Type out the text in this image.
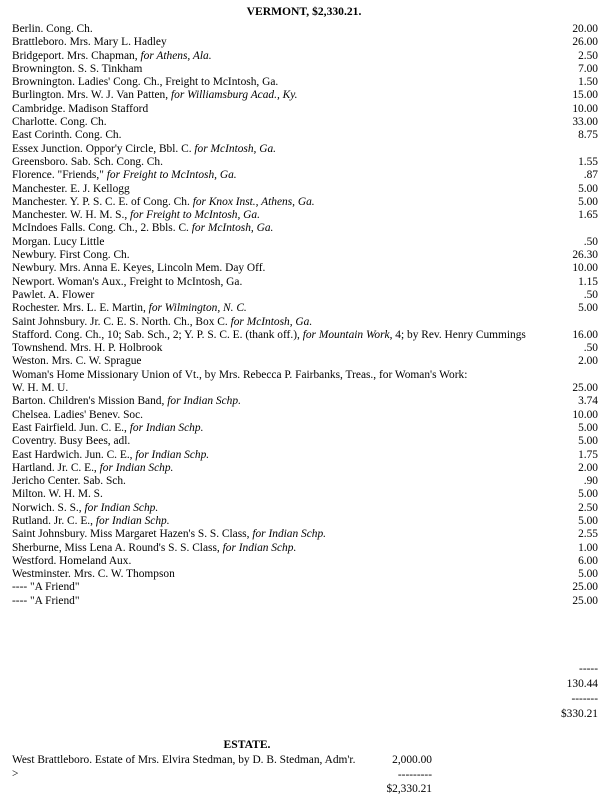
VERMONT, $2,330.21.
Berlin. Cong. Ch.	20.00
Brattleboro. Mrs. Mary L. Hadley	26.00
Bridgeport. Mrs. Chapman, for Athens, Ala.	2.50
Brownington. S. S. Tinkham	7.00
Brownington. Ladies' Cong. Ch., Freight to McIntosh, Ga.	1.50
Burlington. Mrs. W. J. Van Patten, for Williamsburg Acad., Ky.	15.00
Cambridge. Madison Stafford	10.00
Charlotte. Cong. Ch.	33.00
East Corinth. Cong. Ch.	8.75
Essex Junction. Oppor'y Circle, Bbl. C. for McIntosh, Ga.
Greensboro. Sab. Sch. Cong. Ch.	1.55
Florence. "Friends," for Freight to McIntosh, Ga.	.87
Manchester. E. J. Kellogg	5.00
Manchester. Y. P. S. C. E. of Cong. Ch. for Knox Inst., Athens, Ga.	5.00
Manchester. W. H. M. S., for Freight to McIntosh, Ga.	1.65
McIndoes Falls. Cong. Ch., 2. Bbls. C. for McIntosh, Ga.
Morgan. Lucy Little	.50
Newbury. First Cong. Ch.	26.30
Newbury. Mrs. Anna E. Keyes, Lincoln Mem. Day Off.	10.00
Newport. Woman's Aux., Freight to McIntosh, Ga.	1.15
Pawlet. A. Flower	.50
Rochester. Mrs. L. E. Martin, for Wilmington, N. C.	5.00
Saint Johnsbury. Jr. C. E. S. North. Ch., Box C. for McIntosh, Ga.
Stafford. Cong. Ch., 10; Sab. Sch., 2; Y. P. S. C. E. (thank off.), for Mountain Work, 4; by Rev. Henry Cummings	16.00
Townshend. Mrs. H. P. Holbrook	.50
Weston. Mrs. C. W. Sprague	2.00
Woman's Home Missionary Union of Vt., by Mrs. Rebecca P. Fairbanks, Treas., for Woman's Work:
W. H. M. U.	25.00
Barton. Children's Mission Band, for Indian Schp.	3.74
Chelsea. Ladies' Benev. Soc.	10.00
East Fairfield. Jun. C. E., for Indian Schp.	5.00
Coventry. Busy Bees, adl.	5.00
East Hardwich. Jun. C. E., for Indian Schp.	1.75
Hartland. Jr. C. E., for Indian Schp.	2.00
Jericho Center. Sab. Sch.	.90
Milton. W. H. M. S.	5.00
Norwich. S. S., for Indian Schp.	2.50
Rutland. Jr. C. E., for Indian Schp.	5.00
Saint Johnsbury. Miss Margaret Hazen's S. S. Class, for Indian Schp.	2.55
Sherburne, Miss Lena A. Round's S. S. Class, for Indian Schp.	1.00
Westford. Homeland Aux.	6.00
Westminster. Mrs. C. W. Thompson	5.00
---- "A Friend"	25.00
---- "A Friend"	25.00
-----
130.44
-------
$330.21
ESTATE.
West Brattleboro. Estate of Mrs. Elvira Stedman, by D. B. Stedman, Adm'r.	2,000.00
>	---------
$2,330.21
